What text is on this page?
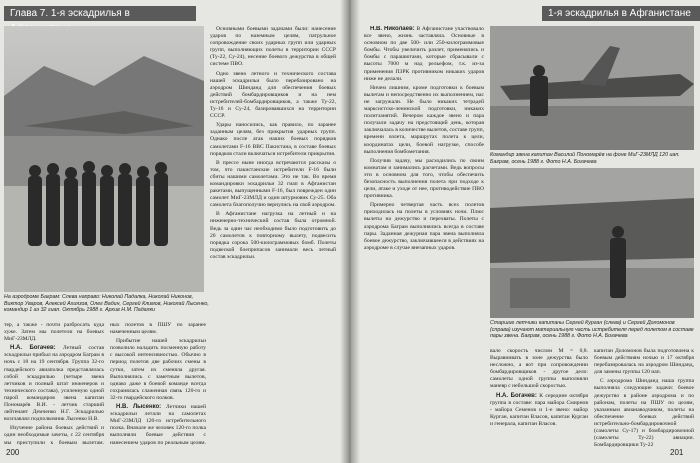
Глава 7. 1-я эскадрилья в
На аэродроме Баграм: Слева направо: Николай Падалка, Николай Никонов, Виктор Уваров, Алексей Ахиязов, Олег Вадин, Сергей Климов, Николай Лысенко, командир 1 аэ 32 гиап. Октябрь 1988 г. Архив Н.М. Падалки

тер, а также - почти разбросать куда хуже. Затем мы полетели на боевых МиГ-23МЛД.

Н.А. Богачев: Летный состав эскадрильи прибыл на аэродром Баграм в ночь с 18 на 19 сентября. Группа 32-го гвардейского авиаполка представлялась собой эскадрилью (четыре звена летчиков и полный штат инженеров и технического состава), усиленную одной парой командиров звена капитан Пономарёв В.И. - летчик старший лейтенант Демченко Н.Г. Эскадрилью возглавлял подполковник Лысенко Н.В.

Изучение района боевых действий и один необходимые зачеты, с 22 сентября мы приступили к боевым вылетам.

Основными боевыми задачами были: нанесение ударов по наземным целям, патрульное сопровождение своих ударных групп или ударных групп, выполняющих полеты в территории СССР (Ту-22, Су-24), несение боевого дежурства в общей системе ПВО.

Одно звено летного и технического состава нашей эскадрильи было перебазировано на аэродром Шинданд для обеспечения боевых действий бомбардировщиков и на нем истребителей-бомбардировщиков, а также Ту-22, Ту-16 и Су-24, базировавшихся на территории СССР.

Удары наносились, как правило, по заранее заданным целям, без прикрытия ударных групп. Однако после атак наших боевых порядков самолетами F-16 ВВС Пакистана, в составе боевых порядков стали включаться истребители прикрытия.

В прессе ныне иногда встречаются рассказы о том, что пакистанские истребители F-16 были сбиты нашими самолетами. Это не так. Во время командировки эскадрильи 32 гиап в Афганистан ракетами, выпущенными F-16, был поврежден один самолет МиГ-23МЛД и один штурмовик Су-25. Оба самолета благополучно вернулись на свой аэродром.

В Афганистане нагрузка на летный и на инженерно-технический состав была огромной. Ведь за один час необходимо было подготовить до 20 самолетов к повторному вылету, подвесить порядка сорока 500-килограммовых бомб. Полеты подвеской боеприпасов занимали весь летный состав эскадрильи.

ных полетов в ПШУ по заранее намеченным целям.

Прибытие нашей эскадрильи позволило наладить посменную работу с высокой интенсивностью. Обычно в период полетов две рабочих смены в сутки, затем их сменяла другая. Выполнялись с заметным вылетов, однако даже в боевой команде всегда сохранялась слаженная связь 120-го и 32-го гвардейского полков.

Н.В. Лысенко: Летчики нашей эскадрильи летали на самолетах МиГ-23МЛД 120-го истребительного полка. Вначале же человек 120-го полка выполняли боевые действия с нанесением ударов по реальным целям.

200
1-я эскадрилья в Афганистане

Н.В. Николаев: В Афганистане участвовало все звено, жизнь заставляла. Основные в основном по две 500- или 250-килограммовые бомбы. Чтобы увеличить разлет, применялись и бомбы с парашютами, которые сбрасывали с высоты 7000 м над рельефом, т.к. из-за применения ПЗРК противником никаких ударов ниже не делали.

Ничем лишним, кроме подготовки к боевым вылетам и непосредственно их выполнением, нас не загружали. Не было никаких тетрадей марксистско-ленинской подготовки, никаких политзанятий. Вечером каждое звено и пара получали задачу на предстоящий день, которая заключалась в количестве вылетов, составе групп, времени взлета, маршрутах полета к цели, координатах цели, боевой нагрузке, способе выполнения бомбометания.

Получив задачу, мы расходились по своим комнатам и занимались расчетами. Ведь вопросы эти в основном для того, чтобы обеспечить безопасность выполнения полета при подходе к цели, атаке и уходе от нее, противодействие ПВО противника.

Примерно четвертая часть всех полетов приходилась на полеты в условиях ночи. Плюс вылеты на дежурство и перехваты. Полеты с аэродрома Баграм выполнялись всегда в составе пары. Заданная дежурная пара звена выполняла боевое дежурство, заключавшееся в действиях на аэродроме в случае внезапных ударов.

Командир звена капитан Василий Пономарёв на фоне МиГ-23МЛД 120 иап. Баграм, осень 1988 г. Фото Н.А. Богачева
Старшие летчики капитаны Сергей Курган (слева) и Сергей Доломонов (справа) изучают материальную часть истребителя перед полетом в составе пары звена. Баграм, осень 1988 г. Фото Н.А. Богачева

вало скорость числом М = 0,8. Выравнивать в зоне дежурства было несложно, а вот при сопровождении бомбардировщиков - другое дело: самолеты одной группы выполняли маневр с небольшой скоростью.

Н.А. Богачев: К середине октября группа в составе: пара майора Смирнов - майора Семенов и 1-е звено: майор Курган, капитан Власов, капитан Курган и генерала, капитан Власов.

капитан Доломонов была подготовлена к боевым действиям ночью и 17 октября перебазировалась на аэродром Шинданд, для замены группы 120 иап.

С аэродрома Шинданд наша группа выполняла следующие задачи: боевое дежурство в районе аэродрома и по районам, полеты на ПШУ по целям, указанным авианаводчиком, полеты на обеспечение боевых действий истребительно-бомбардировочной (самолеты Су-17) и бомбардировочной (самолеты Ту-22) авиации. Бомбардировщики Ту-22

201
